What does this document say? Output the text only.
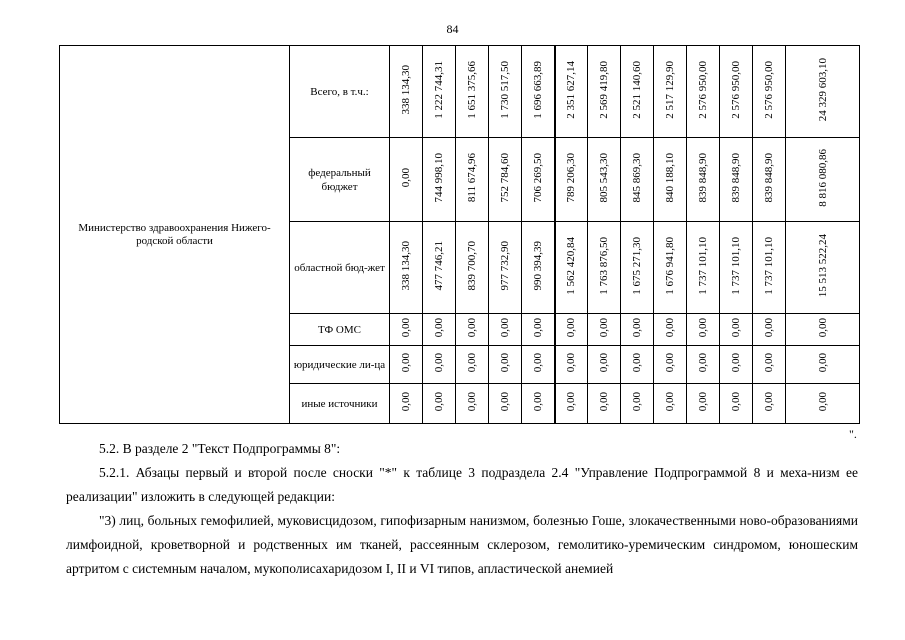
84
Министерство здравоохранения Нижего-родской области	Всего, в т.ч.:	338 134,30	1 222 744,31	1 651 375,66	1 730 517,50	1 696 663,89	2 351 627,14	2 569 419,80	2 521 140,60	2 517 129,90	2 576 950,00	2 576 950,00	2 576 950,00	24 329 603,10
	федеральный бюджет	0,00	744 998,10	811 674,96	752 784,60	706 269,50	789 206,30	805 543,30	845 869,30	840 188,10	839 848,90	839 848,90	839 848,90	8 816 080,86
	областной бюд-жет	338 134,30	477 746,21	839 700,70	977 732,90	990 394,39	1 562 420,84	1 763 876,50	1 675 271,30	1 676 941,80	1 737 101,10	1 737 101,10	1 737 101,10	15 513 522,24
	ТФ ОМС	0,00	0,00	0,00	0,00	0,00	0,00	0,00	0,00	0,00	0,00	0,00	0,00	0,00
	юридические ли-ца	0,00	0,00	0,00	0,00	0,00	0,00	0,00	0,00	0,00	0,00	0,00	0,00	0,00
	иные источники	0,00	0,00	0,00	0,00	0,00	0,00	0,00	0,00	0,00	0,00	0,00	0,00	0,00
".

5.2. В разделе 2 "Текст Подпрограммы 8":

5.2.1. Абзацы первый и второй после сноски "*" к таблице 3 подраздела 2.4 "Управление Подпрограммой 8 и меха-низм ее реализации" изложить в следующей редакции:

"3) лиц, больных гемофилией, муковисцидозом, гипофизарным нанизмом, болезнью Гоше, злокачественными ново-образованиями лимфоидной, кроветворной и родственных им тканей, рассеянным склерозом, гемолитико-уремическим синдромом, юношеским артритом с системным началом, мукополисахаридозом I, II и VI типов, апластической анемией
